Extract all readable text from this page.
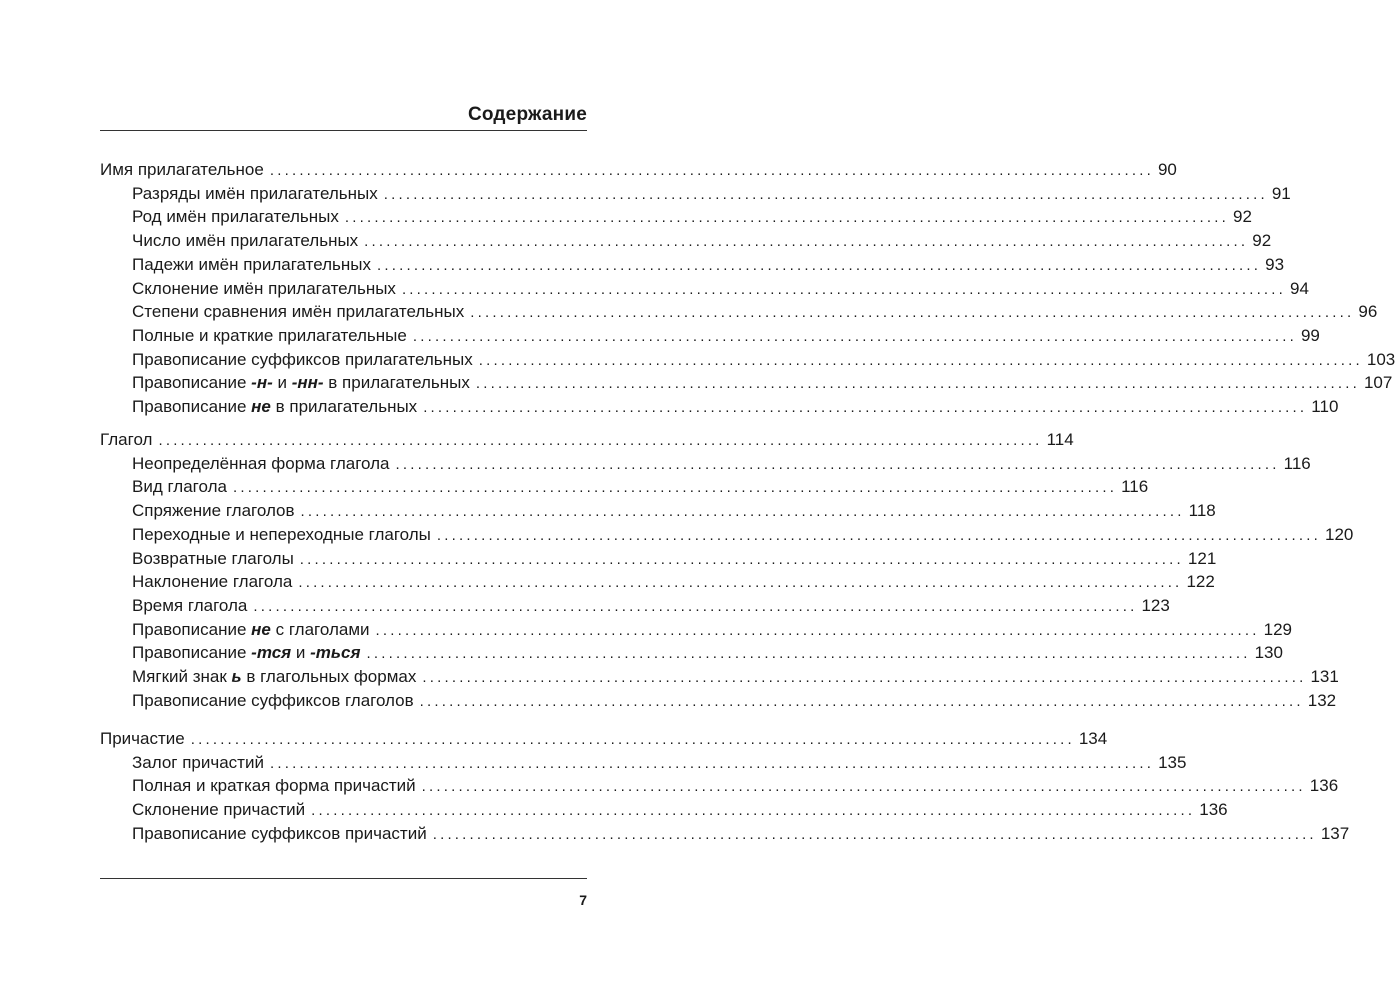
Содержание
Имя прилагательное ........................................................................................................................ 90
Разряды имён прилагательных ........................................................................................................................ 91
Род имён прилагательных ........................................................................................................................ 92
Число имён прилагательных ........................................................................................................................ 92
Падежи имён прилагательных ........................................................................................................................ 93
Склонение имён прилагательных ........................................................................................................................ 94
Степени сравнения имён прилагательных ........................................................................................................................ 96
Полные и краткие прилагательные ........................................................................................................................ 99
Правописание суффиксов прилагательных ........................................................................................................................ 103
Правописание -н- и -нн- в прилагательных ........................................................................................................................ 107
Правописание не в прилагательных ........................................................................................................................ 110
Глагол ........................................................................................................................ 114
Неопределённая форма глагола ........................................................................................................................ 116
Вид глагола ........................................................................................................................ 116
Спряжение глаголов ........................................................................................................................ 118
Переходные и непереходные глаголы ........................................................................................................................ 120
Возвратные глаголы ........................................................................................................................ 121
Наклонение глагола ........................................................................................................................ 122
Время глагола ........................................................................................................................ 123
Правописание не с глаголами ........................................................................................................................ 129
Правописание -тся и -ться ........................................................................................................................ 130
Мягкий знак ь в глагольных формах ........................................................................................................................ 131
Правописание суффиксов глаголов ........................................................................................................................ 132
Причастие ........................................................................................................................ 134
Залог причастий ........................................................................................................................ 135
Полная и краткая форма причастий ........................................................................................................................ 136
Склонение причастий ........................................................................................................................ 136
Правописание суффиксов причастий ........................................................................................................................ 137
7
